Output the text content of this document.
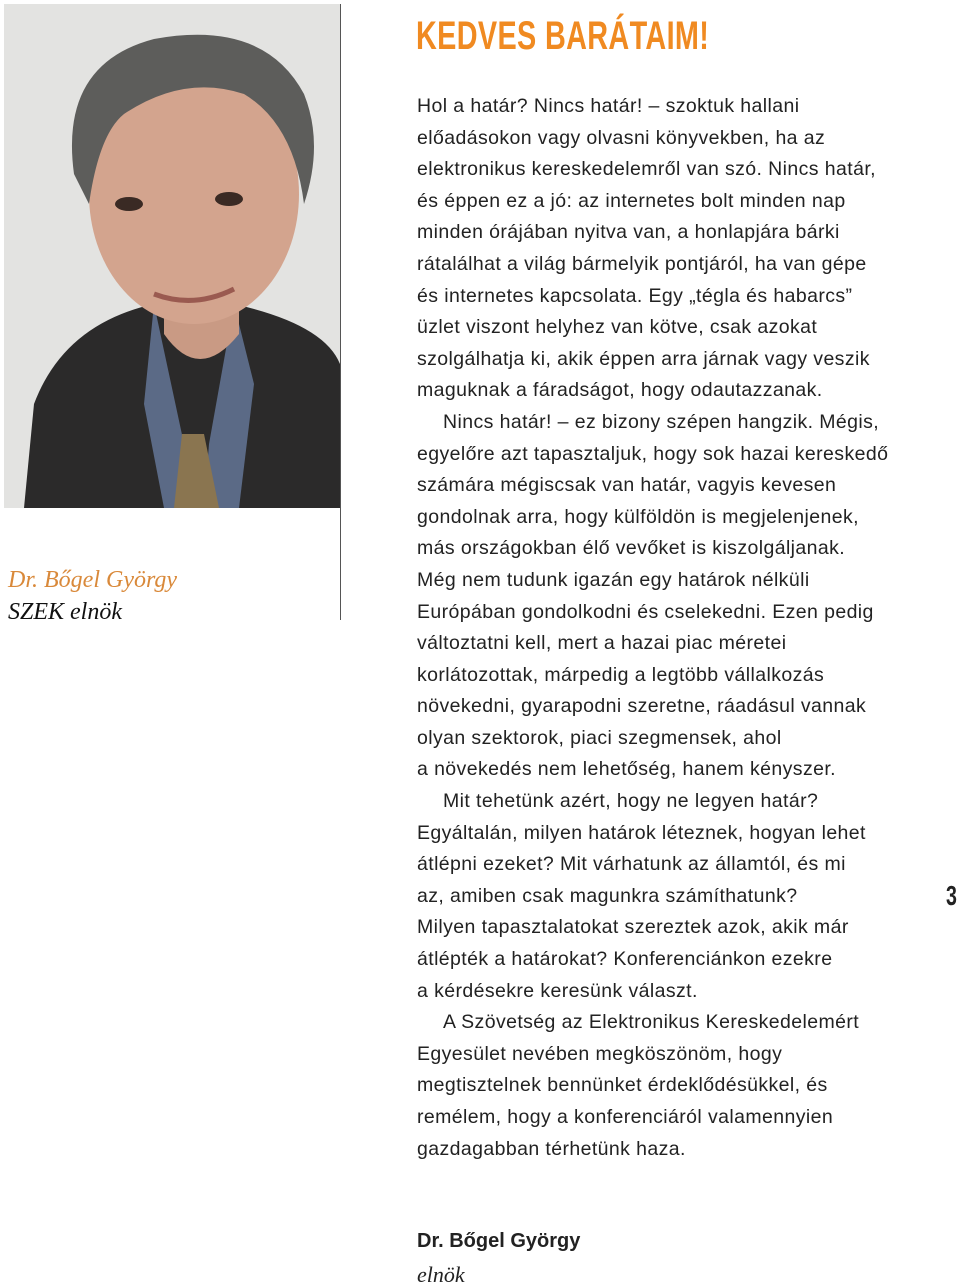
Dr. Bőgel György
SZEK elnök
KEDVES BARÁTAIM!
Hol a határ? Nincs határ! – szoktuk hallani
előadásokon vagy olvasni könyvekben, ha az
elektronikus kereskedelemről van szó. Nincs határ,
és éppen ez a jó: az internetes bolt minden nap
minden órájában nyitva van, a honlapjára bárki
rátalálhat a világ bármelyik pontjáról, ha van gépe
és internetes kapcsolata. Egy „tégla és habarcs”
üzlet viszont helyhez van kötve, csak azokat
szolgálhatja ki, akik éppen arra járnak vagy veszik
maguknak a fáradságot, hogy odautazzanak.
Nincs határ! – ez bizony szépen hangzik. Mégis,
egyelőre azt tapasztaljuk, hogy sok hazai kereskedő
számára mégiscsak van határ, vagyis kevesen
gondolnak arra, hogy külföldön is megjelenjenek,
más országokban élő vevőket is kiszolgáljanak.
Még nem tudunk igazán egy határok nélküli
Európában gondolkodni és cselekedni. Ezen pedig
változtatni kell, mert a hazai piac méretei
korlátozottak, márpedig a legtöbb vállalkozás
növekedni, gyarapodni szeretne, ráadásul vannak
olyan szektorok, piaci szegmensek, ahol
a növekedés nem lehetőség, hanem kényszer.
Mit tehetünk azért, hogy ne legyen határ?
Egyáltalán, milyen határok léteznek, hogyan lehet
átlépni ezeket? Mit várhatunk az államtól, és mi
az, amiben csak magunkra számíthatunk?
Milyen tapasztalatokat szereztek azok, akik már
átlépték a határokat? Konferenciánkon ezekre
a kérdésekre keresünk választ.
A Szövetség az Elektronikus Kereskedelemért
Egyesület nevében megköszönöm, hogy
megtisztelnek bennünket érdeklődésükkel, és
remélem, hogy a konferenciáról valamennyien
gazdagabban térhetünk haza.
3
Dr. Bőgel György
elnök
